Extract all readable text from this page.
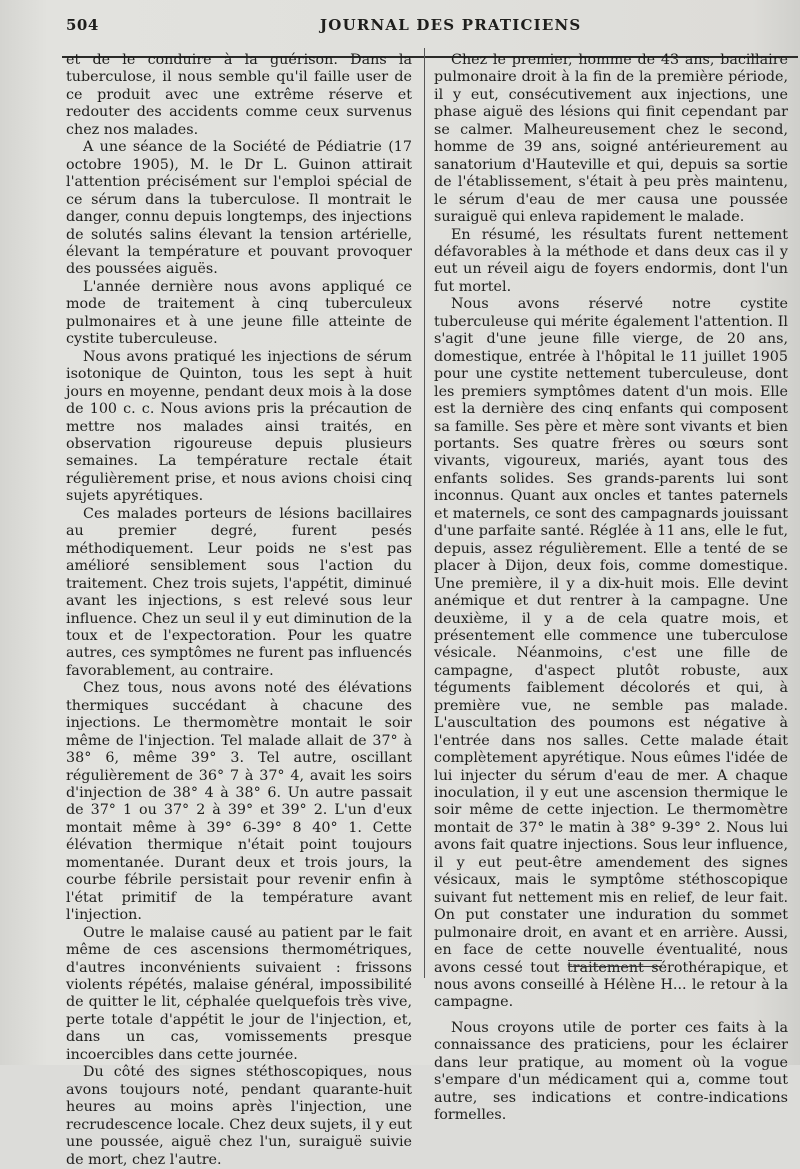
504	JOURNAL DES PRATICIENS

et de le conduire à la guérison. Dans la tuberculose, il nous semble qu'il faille user de ce produit avec une extrême réserve et redouter des accidents comme ceux survenus chez nos malades.

A une séance de la Société de Pédiatrie (17 octobre 1905), M. le Dr L. Guinon attirait l'attention précisément sur l'emploi spécial de ce sérum dans la tuberculose. Il montrait le danger, connu depuis longtemps, des injections de solutés salins élevant la tension artérielle, élevant la température et pouvant provoquer des poussées aiguës.

L'année dernière nous avons appliqué ce mode de traitement à cinq tuberculeux pulmonaires et à une jeune fille atteinte de cystite tuberculeuse.

Nous avons pratiqué les injections de sérum isotonique de Quinton, tous les sept à huit jours en moyenne, pendant deux mois à la dose de 100 c. c. Nous avions pris la précaution de mettre nos malades ainsi traités, en observation rigoureuse depuis plusieurs semaines. La température rectale était régulièrement prise, et nous avions choisi cinq sujets apyrétiques.

Ces malades porteurs de lésions bacillaires au premier degré, furent pesés méthodiquement. Leur poids ne s'est pas amélioré sensiblement sous l'action du traitement. Chez trois sujets, l'appétit, diminué avant les injections, s est relevé sous leur influence. Chez un seul il y eut diminution de la toux et de l'expectoration. Pour les quatre autres, ces symptômes ne furent pas influencés favorablement, au contraire.

Chez tous, nous avons noté des élévations thermiques succédant à chacune des injections. Le thermomètre montait le soir même de l'injection. Tel malade allait de 37° à 38° 6, même 39° 3. Tel autre, oscillant régulièrement de 36° 7 à 37° 4, avait les soirs d'injection de 38° 4 à 38° 6. Un autre passait de 37° 1 ou 37° 2 à 39° et 39° 2. L'un d'eux montait même à 39° 6-39° 8 40° 1. Cette élévation thermique n'était point toujours momentanée. Durant deux et trois jours, la courbe fébrile persistait pour revenir enfin à l'état primitif de la température avant l'injection.

Outre le malaise causé au patient par le fait même de ces ascensions thermométriques, d'autres inconvénients suivaient : frissons violents répétés, malaise général, impossibilité de quitter le lit, céphalée quelquefois très vive, perte totale d'appétit le jour de l'injection, et, dans un cas, vomissements presque incoercibles dans cette journée.

Du côté des signes stéthoscopiques, nous avons toujours noté, pendant quarante-huit heures au moins après l'injection, une recrudescence locale. Chez deux sujets, il y eut une poussée, aiguë chez l'un, suraiguë suivie de mort, chez l'autre.

Chez le premier, homme de 43 ans, bacillaire pulmonaire droit à la fin de la première période, il y eut, consécutivement aux injections, une phase aiguë des lésions qui finit cependant par se calmer. Malheureusement chez le second, homme de 39 ans, soigné antérieurement au sanatorium d'Hauteville et qui, depuis sa sortie de l'établissement, s'était à peu près maintenu, le sérum d'eau de mer causa une poussée suraiguë qui enleva rapidement le malade.

En résumé, les résultats furent nettement défavorables à la méthode et dans deux cas il y eut un réveil aigu de foyers endormis, dont l'un fut mortel.

Nous avons réservé notre cystite tuberculeuse qui mérite également l'attention. Il s'agit d'une jeune fille vierge, de 20 ans, domestique, entrée à l'hôpital le 11 juillet 1905 pour une cystite nettement tuberculeuse, dont les premiers symptômes datent d'un mois. Elle est la dernière des cinq enfants qui composent sa famille. Ses père et mère sont vivants et bien portants. Ses quatre frères ou sœurs sont vivants, vigoureux, mariés, ayant tous des enfants solides. Ses grands-parents lui sont inconnus. Quant aux oncles et tantes paternels et maternels, ce sont des campagnards jouissant d'une parfaite santé. Réglée à 11 ans, elle le fut, depuis, assez régulièrement. Elle a tenté de se placer à Dijon, deux fois, comme domestique. Une première, il y a dix-huit mois. Elle devint anémique et dut rentrer à la campagne. Une deuxième, il y a de cela quatre mois, et présentement elle commence une tuberculose vésicale. Néanmoins, c'est une fille de campagne, d'aspect plutôt robuste, aux téguments faiblement décolorés et qui, à première vue, ne semble pas malade. L'auscultation des poumons est négative à l'entrée dans nos salles. Cette malade était complètement apyrétique. Nous eûmes l'idée de lui injecter du sérum d'eau de mer. A chaque inoculation, il y eut une ascension thermique le soir même de cette injection. Le thermomètre montait de 37° le matin à 38° 9-39° 2. Nous lui avons fait quatre injections. Sous leur influence, il y eut peut-être amendement des signes vésicaux, mais le symptôme stéthoscopique suivant fut nettement mis en relief, de leur fait. On put constater une induration du sommet pulmonaire droit, en avant et en arrière. Aussi, en face de cette nouvelle éventualité, nous avons cessé tout traitement sérothérapique, et nous avons conseillé à Hélène H... le retour à la campagne.

Nous croyons utile de porter ces faits à la connaissance des praticiens, pour les éclairer dans leur pratique, au moment où la vogue s'empare d'un médicament qui a, comme tout autre, ses indications et contre-indications formelles.
